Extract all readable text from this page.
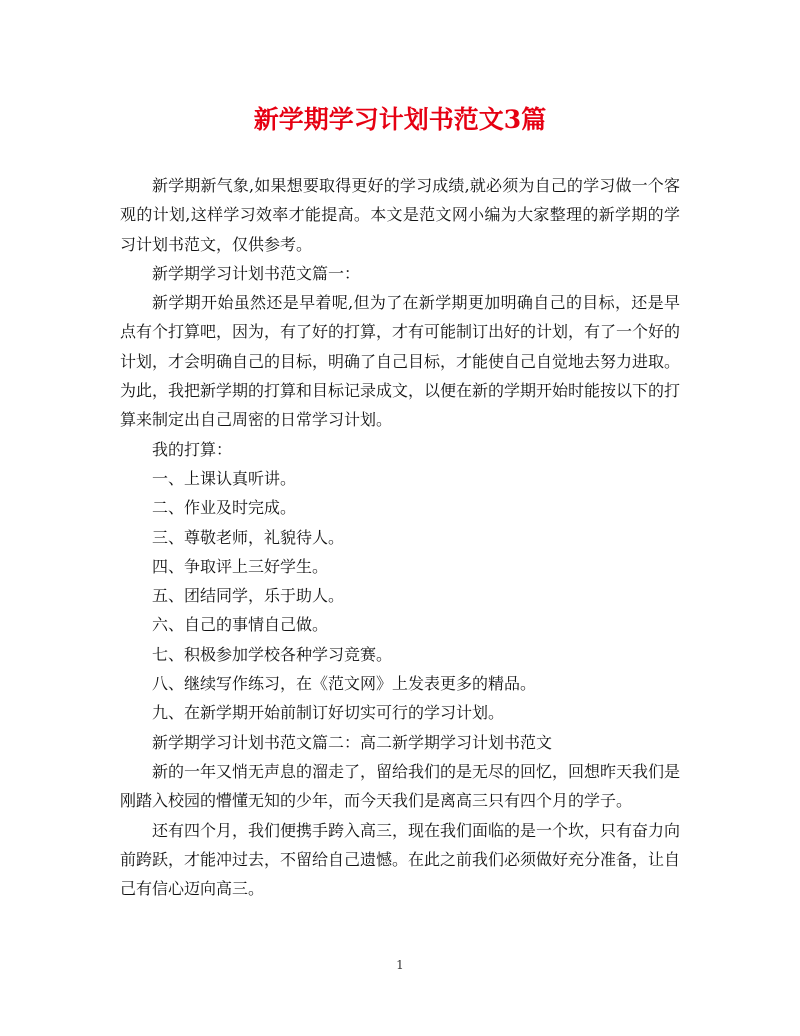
新学期学习计划书范文3篇

新学期新气象,如果想要取得更好的学习成绩,就必须为自己的学习做一个客观的计划,这样学习效率才能提高。本文是范文网小编为大家整理的新学期的学习计划书范文，仅供参考。

新学期学习计划书范文篇一：

新学期开始虽然还是早着呢,但为了在新学期更加明确自己的目标，还是早点有个打算吧，因为，有了好的打算，才有可能制订出好的计划，有了一个好的计划，才会明确自己的目标，明确了自己目标，才能使自己自觉地去努力进取。为此，我把新学期的打算和目标记录成文，以便在新的学期开始时能按以下的打算来制定出自己周密的日常学习计划。

我的打算：

一、上课认真听讲。

二、作业及时完成。

三、尊敬老师，礼貌待人。

四、争取评上三好学生。

五、团结同学，乐于助人。

六、自己的事情自己做。

七、积极参加学校各种学习竞赛。

八、继续写作练习，在《范文网》上发表更多的精品。

九、在新学期开始前制订好切实可行的学习计划。

新学期学习计划书范文篇二：高二新学期学习计划书范文

新的一年又悄无声息的溜走了，留给我们的是无尽的回忆，回想昨天我们是刚踏入校园的懵懂无知的少年，而今天我们是离高三只有四个月的学子。

还有四个月，我们便携手跨入高三，现在我们面临的是一个坎，只有奋力向前跨跃，才能冲过去，不留给自己遗憾。在此之前我们必须做好充分准备，让自己有信心迈向高三。

1
